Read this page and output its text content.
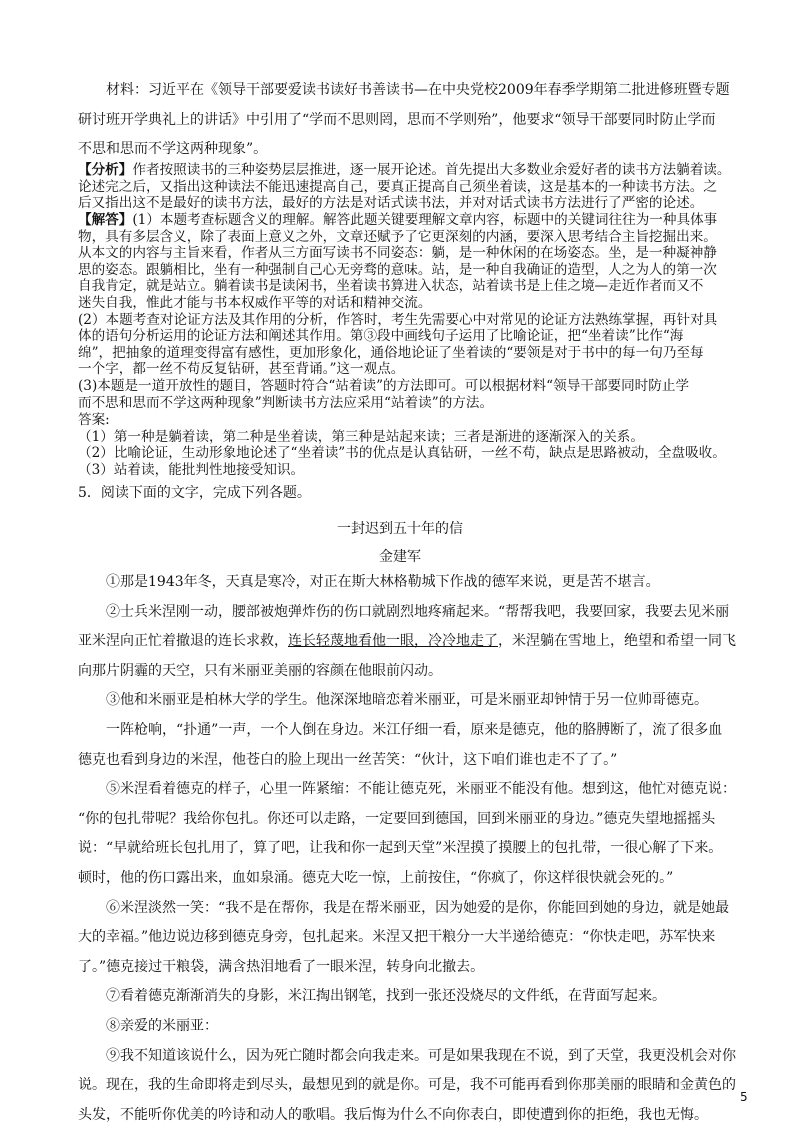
材料：习近平在《领导干部要爱读书读好书善读书—在中央党校2009年春季学期第二批进修班暨专题
研讨班开学典礼上的讲话》中引用了“学而不思则罔，思而不学则殆”，他要求“领导干部要同时防止学而
不思和思而不学这两种现象”。
【分析】作者按照读书的三种姿势层层推进，逐一展开论述。首先提出大多数业余爱好者的读书方法躺着读。
论述完之后，又指出这种读法不能迅速提高自己，要真正提高自己须坐着读，这是基本的一种读书方法。之
后又指出这不是最好的读书方法，最好的方法是对话式读书法，并对对话式读书方法进行了严密的论述。
【解答】(1）本题考查标题含义的理解。解答此题关键要理解文章内容，标题中的关键词往往为一种具体事
物，具有多层含义，除了表面上意义之外，文章还赋予了它更深刻的内涵，要深入思考结合主旨挖掘出来。
从本文的内容与主旨来看，作者从三方面写读书不同姿态：躺，是一种休闲的在场姿态。坐，是一种凝神静
思的姿态。跟躺相比，坐有一种强制自己心无旁骛的意味。站，是一种自我确证的造型，人之为人的第一次
自我肯定，就是站立。躺着读书是读闲书，坐着读书算进入状态，站着读书是上佳之境—走近作者而又不
迷失自我，惟此才能与书本权威作平等的对话和精神交流。
(2）本题考查对论证方法及其作用的分析，作答时，考生先需要心中对常见的论证方法熟练掌握，再针对具
体的语句分析运用的论证方法和阐述其作用。第③段中画线句子运用了比喻论证，把“坐着读”比作“海
绵”，把抽象的道理变得富有感性，更加形象化，通俗地论证了坐着读的“要领是对于书中的每一句乃至每
一个字，都一丝不苟反复钻研，甚至背诵。”这一观点。
(3)本题是一道开放性的题目，答题时符合“站着读”的方法即可。可以根据材料“领导干部要同时防止学
而不思和思而不学这两种现象”判断读书方法应采用“站着读”的方法。
答案:
（1）第一种是躺着读，第二种是坐着读，第三种是站起来读；三者是渐进的逐渐深入的关系。
（2）比喻论证，生动形象地论述了“坐着读”书的优点是认真钻研，一丝不苟，缺点是思路被动，全盘吸收。
（3）站着读，能批判性地接受知识。
5．阅读下面的文字，完成下列各题。
一封迟到五十年的信
金建军
①那是1943年冬，天真是寒冷，对正在斯大林格勒城下作战的德军来说，更是苦不堪言。
②士兵米涅刚一动，腰部被炮弹炸伤的伤口就剧烈地疼痛起来。“帮帮我吧，我要回家，我要去见米丽
亚米涅向正忙着撤退的连长求救，连长轻蔑地看他一眼，冷冷地走了，米涅躺在雪地上，绝望和希望一同飞
向那片阴霾的天空，只有米丽亚美丽的容颜在他眼前闪动。
③他和米丽亚是柏林大学的学生。他深深地暗恋着米丽亚，可是米丽亚却钟情于另一位帅哥德克。
一阵枪响，“扑通”一声，一个人倒在身边。米江仔细一看，原来是德克，他的胳膊断了，流了很多血
德克也看到身边的米涅，他苍白的脸上现出一丝苦笑：“伙计，这下咱们谁也走不了了。”
⑤米涅看着德克的样子，心里一阵紧缩：不能让德克死，米丽亚不能没有他。想到这，他忙对德克说：
“你的包扎带呢？我给你包扎。你还可以走路，一定要回到德国，回到米丽亚的身边。”德克失望地摇摇头
说：“早就给班长包扎用了，算了吧，让我和你一起到天堂”米涅摸了摸腰上的包扎带，一很心解了下来。
顿时，他的伤口露出来，血如泉涌。德克大吃一惊，上前按住，“你疯了，你这样很快就会死的。”
⑥米涅淡然一笑：“我不是在帮你，我是在帮米丽亚，因为她爱的是你，你能回到她的身边，就是她最
大的幸福。”他边说边移到德克身旁，包扎起来。米涅又把干粮分一大半递给德克：“你快走吧，苏军快来
了。”德克接过干粮袋，满含热泪地看了一眼米涅，转身向北撤去。
⑦看着德克渐渐消失的身影，米江掏出钢笔，找到一张还没烧尽的文件纸，在背面写起来。
⑧亲爱的米丽亚：
⑨我不知道该说什么，因为死亡随时都会向我走来。可是如果我现在不说，到了天堂，我更没机会对你
说。现在，我的生命即将走到尽头，最想见到的就是你。可是，我不可能再看到你那美丽的眼睛和金黄色的
头发，不能听你优美的吟诗和动人的歌唱。我后悔为什么不向你表白，即使遭到你的拒绝，我也无悔。
5
